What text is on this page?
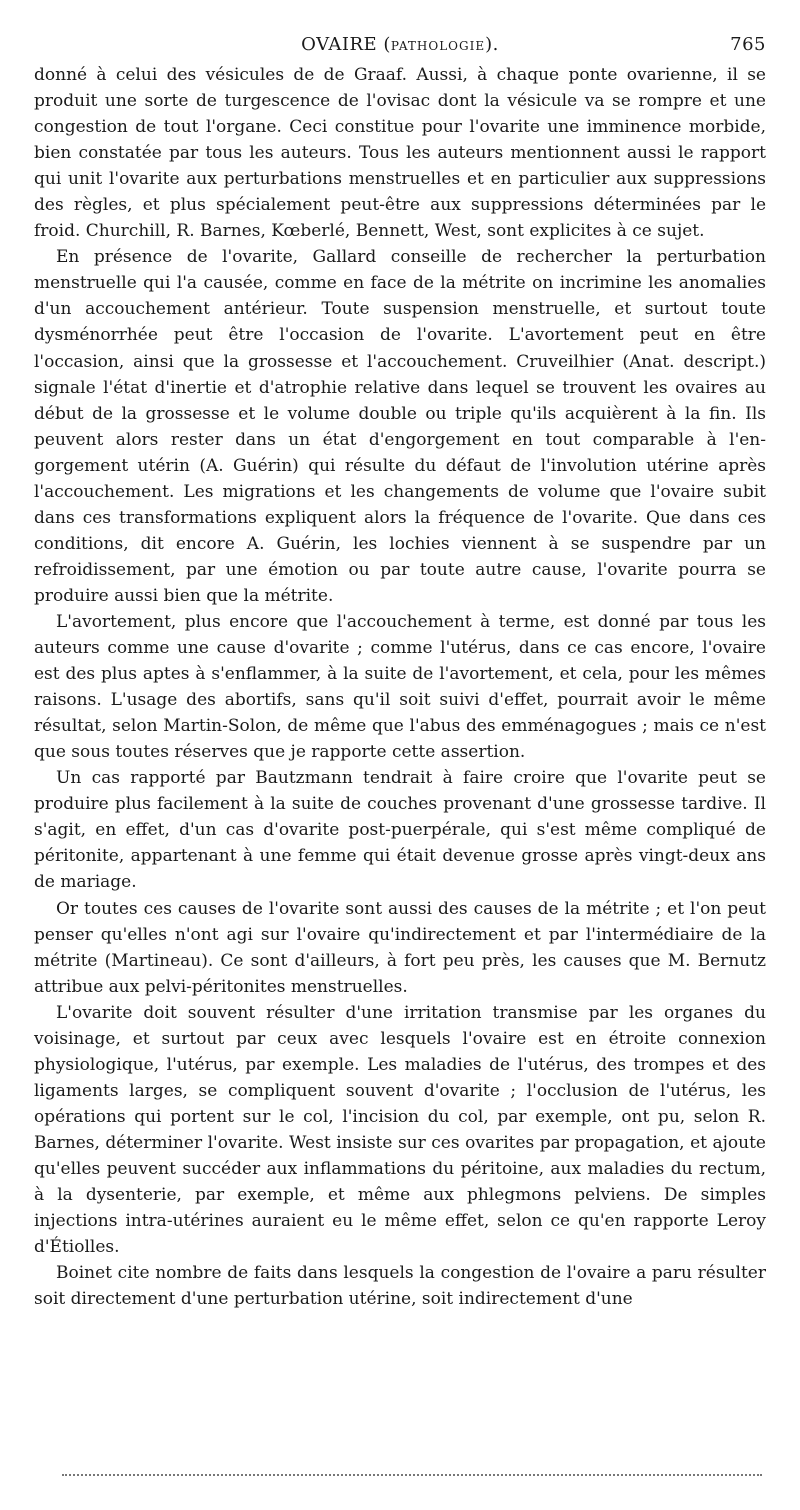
OVAIRE (PATHOLOGIE).	765

donné à celui des vésicules de de Graaf. Aussi, à chaque ponte ovarienne, il se produit une sorte de turgescence de l'ovisac dont la vésicule va se rompre et une congestion de tout l'organe. Ceci constitue pour l'ovarite une imminence morbide, bien constatée par tous les auteurs. Tous les auteurs mentionnent aussi le rapport qui unit l'ovarite aux perturbations menstruelles et en particulier aux suppressions des règles, et plus spécialement peut-être aux suppressions déterminées par le froid. Churchill, R. Barnes, Kœberlé, Bennett, West, sont explicites à ce sujet.

En présence de l'ovarite, Gallard conseille de rechercher la perturbation menstruelle qui l'a causée, comme en face de la métrite on incrimine les anomalies d'un accouchement antérieur. Toute suspension menstruelle, et surtout toute dysménorrhée peut être l'occasion de l'ovarite. L'avortement peut en être l'occasion, ainsi que la grossesse et l'accouchement. Cruveilhier (Anat. descript.) signale l'état d'inertie et d'atrophie relative dans lequel se trouvent les ovaires au début de la grossesse et le volume double ou triple qu'ils acquièrent à la fin. Ils peuvent alors rester dans un état d'engorgement en tout comparable à l'engorgement utérin (A. Guérin) qui résulte du défaut de l'involution utérine après l'accouchement. Les migrations et les changements de volume que l'ovaire subit dans ces transformations expliquent alors la fréquence de l'ovarite. Que dans ces conditions, dit encore A. Guérin, les lochies viennent à se suspendre par un refroidissement, par une émotion ou par toute autre cause, l'ovarite pourra se produire aussi bien que la métrite.

L'avortement, plus encore que l'accouchement à terme, est donné par tous les auteurs comme une cause d'ovarite ; comme l'utérus, dans ce cas encore, l'ovaire est des plus aptes à s'enflammer, à la suite de l'avortement, et cela, pour les mêmes raisons. L'usage des abortifs, sans qu'il soit suivi d'effet, pourrait avoir le même résultat, selon Martin-Solon, de même que l'abus des emménagogues ; mais ce n'est que sous toutes réserves que je rapporte cette assertion.

Un cas rapporté par Bautzmann tendrait à faire croire que l'ovarite peut se produire plus facilement à la suite de couches provenant d'une grossesse tardive. Il s'agit, en effet, d'un cas d'ovarite post-puerpérale, qui s'est même compliqué de péritonite, appartenant à une femme qui était devenue grosse après vingt-deux ans de mariage.

Or toutes ces causes de l'ovarite sont aussi des causes de la métrite ; et l'on peut penser qu'elles n'ont agi sur l'ovaire qu'indirectement et par l'intermédiaire de la métrite (Martineau). Ce sont d'ailleurs, à fort peu près, les causes que M. Bernutz attribue aux pelvi-péritonites menstruelles.

L'ovarite doit souvent résulter d'une irritation transmise par les organes du voisinage, et surtout par ceux avec lesquels l'ovaire est en étroite connexion physiologique, l'utérus, par exemple. Les maladies de l'utérus, des trompes et des ligaments larges, se compliquent souvent d'ovarite ; l'occlusion de l'utérus, les opérations qui portent sur le col, l'incision du col, par exemple, ont pu, selon R. Barnes, déterminer l'ovarite. West insiste sur ces ovarites par propagation, et ajoute qu'elles peuvent succéder aux inflammations du péritoine, aux maladies du rectum, à la dysenterie, par exemple, et même aux phlegmons pelviens. De simples injections intra-utérines auraient eu le même effet, selon ce qu'en rapporte Leroy d'Étiolles.

Boinet cite nombre de faits dans lesquels la congestion de l'ovaire a paru résulter soit directement d'une perturbation utérine, soit indirectement d'une
